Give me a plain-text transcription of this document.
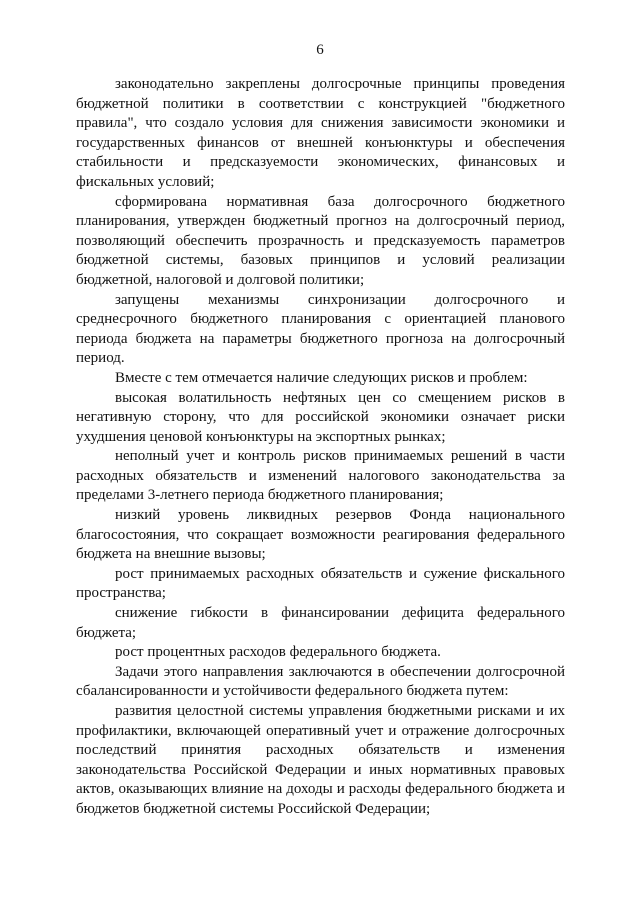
6

законодательно закреплены долгосрочные принципы проведения бюджетной политики в соответствии с конструкцией "бюджетного правила", что создало условия для снижения зависимости экономики и государственных финансов от внешней конъюнктуры и обеспечения стабильности и предсказуемости экономических, финансовых и фискальных условий;

сформирована нормативная база долгосрочного бюджетного планирования, утвержден бюджетный прогноз на долгосрочный период, позволяющий обеспечить прозрачность и предсказуемость параметров бюджетной системы, базовых принципов и условий реализации бюджетной, налоговой и долговой политики;

запущены механизмы синхронизации долгосрочного и среднесрочного бюджетного планирования с ориентацией планового периода бюджета на параметры бюджетного прогноза на долгосрочный период.

Вместе с тем отмечается наличие следующих рисков и проблем:

высокая волатильность нефтяных цен со смещением рисков в негативную сторону, что для российской экономики означает риски ухудшения ценовой конъюнктуры на экспортных рынках;

неполный учет и контроль рисков принимаемых решений в части расходных обязательств и изменений налогового законодательства за пределами 3-летнего периода бюджетного планирования;

низкий уровень ликвидных резервов Фонда национального благосостояния, что сокращает возможности реагирования федерального бюджета на внешние вызовы;

рост принимаемых расходных обязательств и сужение фискального пространства;

снижение гибкости в финансировании дефицита федерального бюджета;

рост процентных расходов федерального бюджета.

Задачи этого направления заключаются в обеспечении долгосрочной сбалансированности и устойчивости федерального бюджета путем:

развития целостной системы управления бюджетными рисками и их профилактики, включающей оперативный учет и отражение долгосрочных последствий принятия расходных обязательств и изменения законодательства Российской Федерации и иных нормативных правовых актов, оказывающих влияние на доходы и расходы федерального бюджета и бюджетов бюджетной системы Российской Федерации;
